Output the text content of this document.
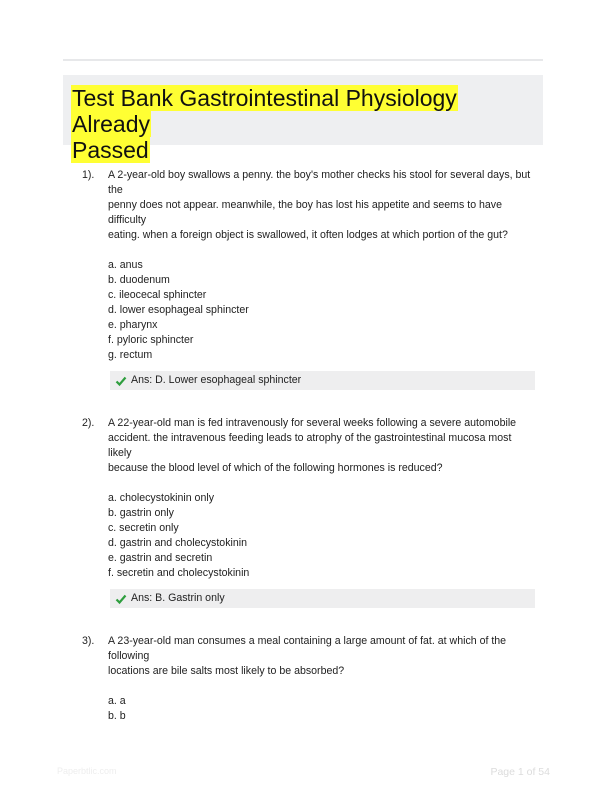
Test Bank Gastrointestinal Physiology Already
Passed
1).	A 2-year-old boy swallows a penny. the boy's mother checks his stool for several days, but
the
penny does not appear. meanwhile, the boy has lost his appetite and seems to have
difficulty
eating. when a foreign object is swallowed, it often lodges at which portion of the gut?
a. anus
b. duodenum
c. ileocecal sphincter
d. lower esophageal sphincter
e. pharynx
f. pyloric sphincter
g. rectum
Ans: D. Lower esophageal sphincter
2).	A 22-year-old man is fed intravenously for several weeks following a severe automobile
accident. the intravenous feeding leads to atrophy of the gastrointestinal mucosa most
likely
because the blood level of which of the following hormones is reduced?
a. cholecystokinin only
b. gastrin only
c. secretin only
d. gastrin and cholecystokinin
e. gastrin and secretin
f. secretin and cholecystokinin
Ans: B. Gastrin only
3).	A 23-year-old man consumes a meal containing a large amount of fat. at which of the
following
locations are bile salts most likely to be absorbed?
a. a
b. b
Paperbtlic.com	Page 1 of 54
